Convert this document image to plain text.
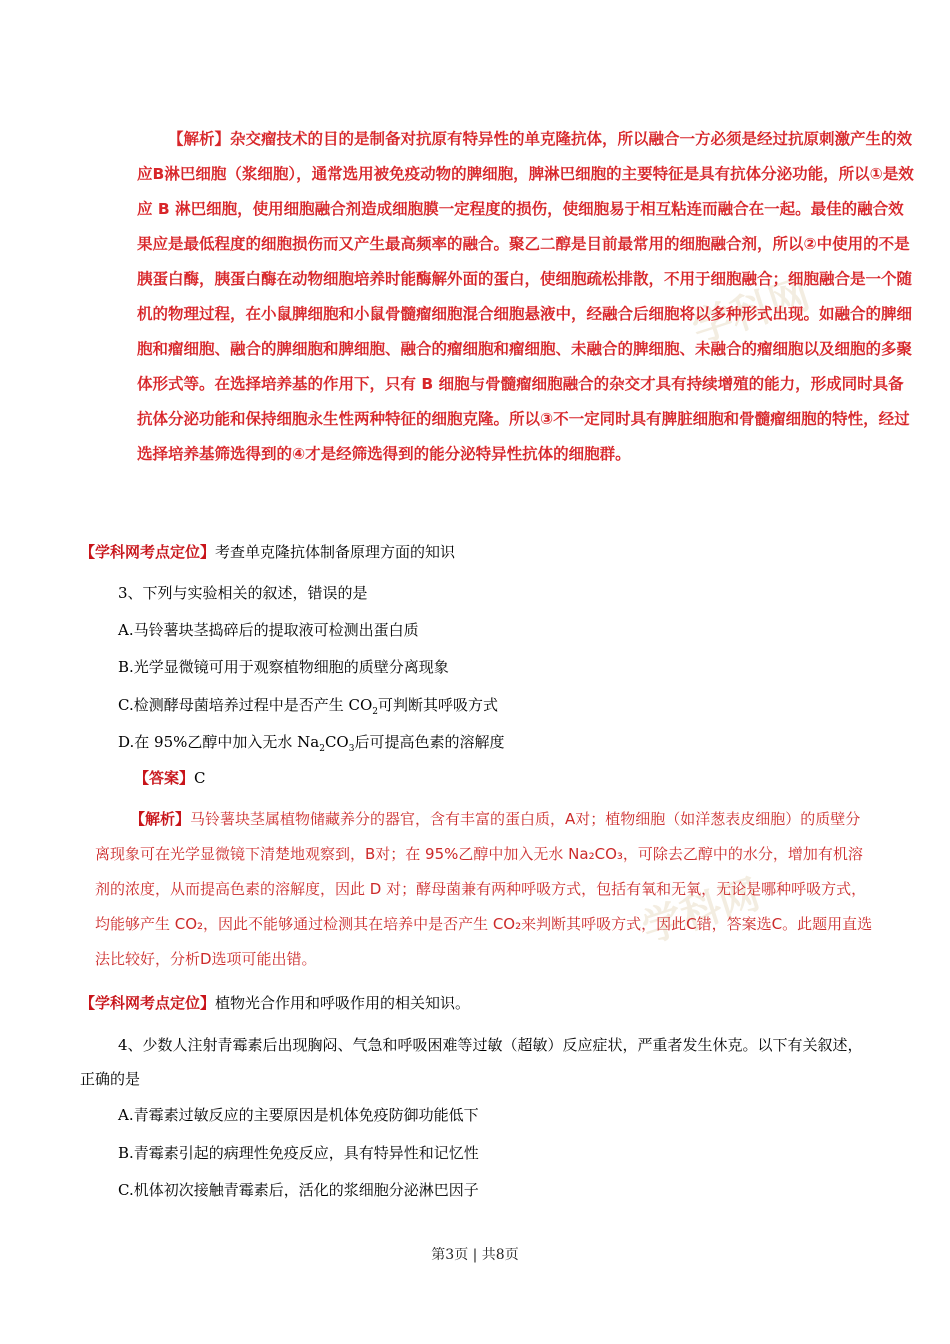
学科网
学科网
【解析】杂交瘤技术的目的是制备对抗原有特异性的单克隆抗体，所以融合一方必须是经过抗原刺激产生的效应B淋巴细胞（浆细胞），通常选用被免疫动物的脾细胞，脾淋巴细胞的主要特征是具有抗体分泌功能，所以①是效应 B 淋巴细胞，使用细胞融合剂造成细胞膜一定程度的损伤，使细胞易于相互粘连而融合在一起。最佳的融合效果应是最低程度的细胞损伤而又产生最高频率的融合。聚乙二醇是目前最常用的细胞融合剂，所以②中使用的不是胰蛋白酶，胰蛋白酶在动物细胞培养时能酶解外面的蛋白，使细胞疏松排散，不用于细胞融合；细胞融合是一个随机的物理过程，在小鼠脾细胞和小鼠骨髓瘤细胞混合细胞悬液中，经融合后细胞将以多种形式出现。如融合的脾细胞和瘤细胞、融合的脾细胞和脾细胞、融合的瘤细胞和瘤细胞、未融合的脾细胞、未融合的瘤细胞以及细胞的多聚体形式等。在选择培养基的作用下，只有 B 细胞与骨髓瘤细胞融合的杂交才具有持续增殖的能力，形成同时具备抗体分泌功能和保持细胞永生性两种特征的细胞克隆。所以③不一定同时具有脾脏细胞和骨髓瘤细胞的特性，经过选择培养基筛选得到的④才是经筛选得到的能分泌特异性抗体的细胞群。
【学科网考点定位】考查单克隆抗体制备原理方面的知识
3、下列与实验相关的叙述，错误的是
A.马铃薯块茎捣碎后的提取液可检测出蛋白质
B.光学显微镜可用于观察植物细胞的质壁分离现象
C.检测酵母菌培养过程中是否产生 $CO_2$可判断其呼吸方式
D.在 95%乙醇中加入无水 $Na_2CO_3$后可提高色素的溶解度
【答案】C
【解析】马铃薯块茎属植物储藏养分的器官，含有丰富的蛋白质，A对；植物细胞（如洋葱表皮细胞）的质壁分离现象可在光学显微镜下清楚地观察到，B对；在 95%乙醇中加入无水 Na₂CO₃，可除去乙醇中的水分，增加有机溶剂的浓度，从而提高色素的溶解度，因此 D 对；酵母菌兼有两种呼吸方式，包括有氧和无氧，无论是哪种呼吸方式，均能够产生 CO₂，因此不能够通过检测其在培养中是否产生 CO₂来判断其呼吸方式，因此C错，答案选C。此题用直选法比较好，分析D选项可能出错。
【学科网考点定位】植物光合作用和呼吸作用的相关知识。
4、少数人注射青霉素后出现胸闷、气急和呼吸困难等过敏（超敏）反应症状，严重者发生休克。以下有关叙述，正确的是
A.青霉素过敏反应的主要原因是机体免疫防御功能低下
B.青霉素引起的病理性免疫反应，具有特异性和记忆性
C.机体初次接触青霉素后，活化的浆细胞分泌淋巴因子
第3页 | 共8页
